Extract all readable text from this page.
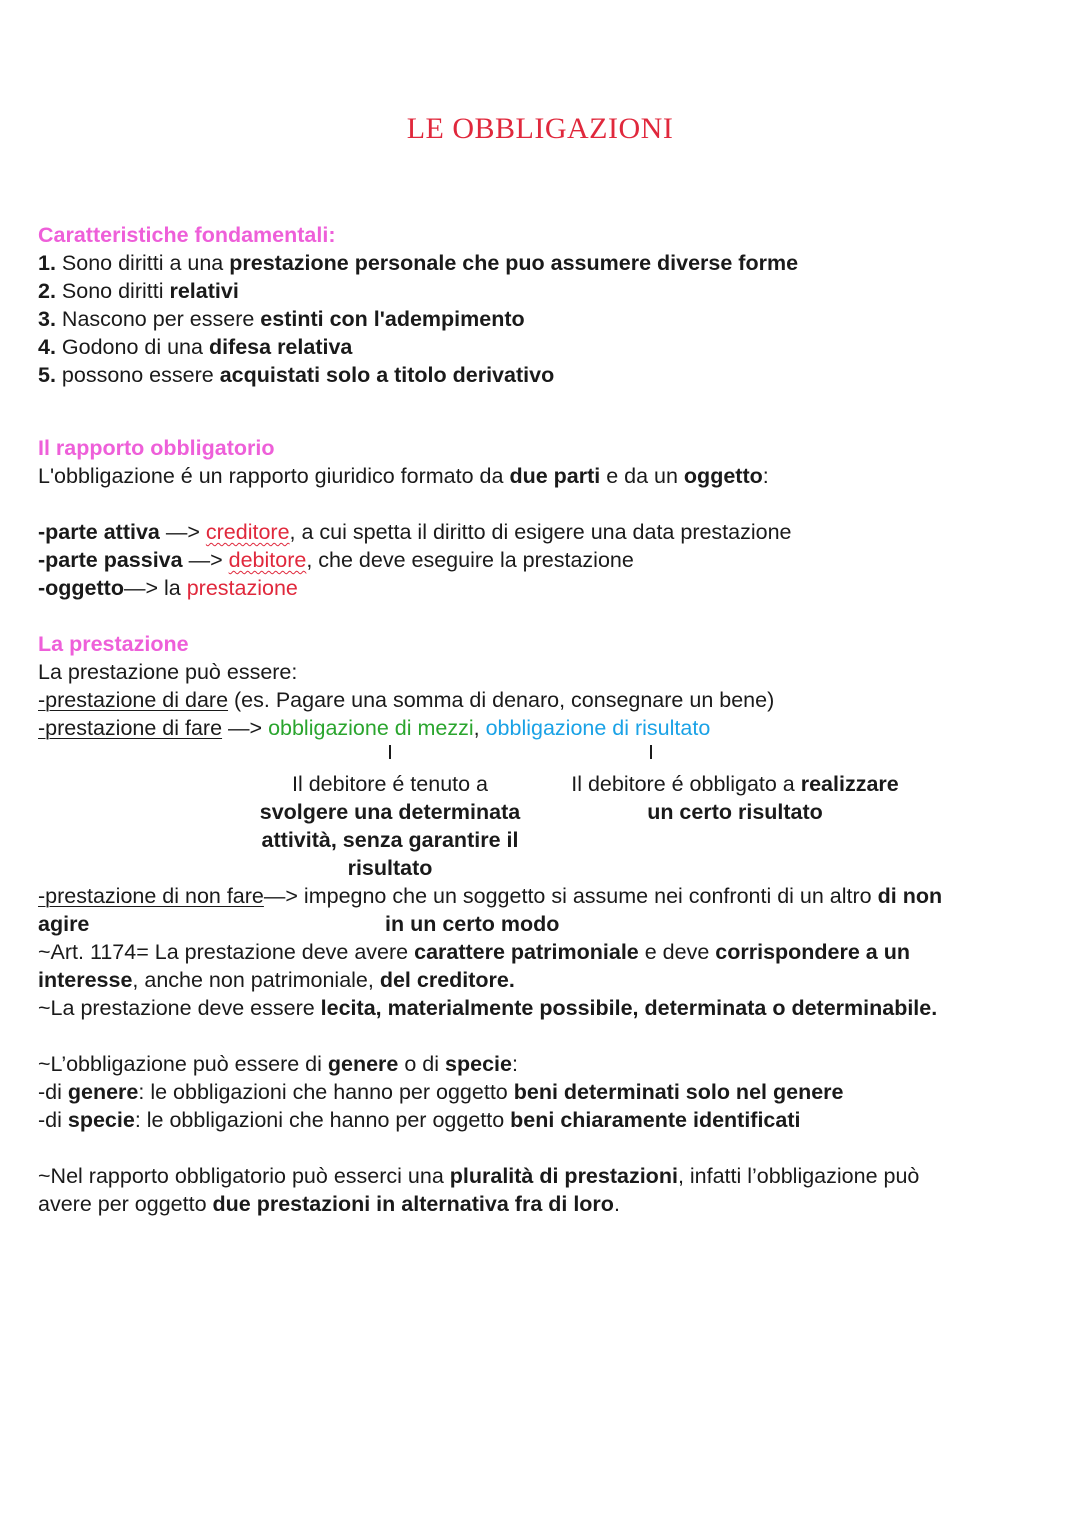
LE OBBLIGAZIONI

Caratteristiche fondamentali:

1. Sono diritti a una prestazione personale che puo assumere diverse forme

2. Sono diritti relativi

3. Nascono per essere estinti con l'adempimento

4. Godono di una difesa relativa

5. possono essere acquistati solo a titolo derivativo

Il rapporto obbligatorio

L'obbligazione é un rapporto giuridico formato da due parti e da un oggetto:

-parte attiva —> creditore, a cui spetta il diritto di esigere una data prestazione

-parte passiva —> debitore, che deve eseguire la prestazione

-oggetto—> la prestazione

La prestazione

La prestazione può essere:

-prestazione di dare (es. Pagare una somma di denaro, consegnare un bene)

-prestazione di fare —> obbligazione di mezzi, obbligazione di risultato

Il debitore é tenuto a
svolgere una determinata
attività, senza garantire il
risultato
Il debitore é obbligato a realizzare
un certo risultato

-prestazione di non fare—> impegno che un soggetto si assume nei confronti di un altro di non

agire	in un certo modo

~Art. 1174= La prestazione deve avere carattere patrimoniale e deve corrispondere a un

interesse, anche non patrimoniale, del creditore.

~La prestazione deve essere lecita, materialmente possibile, determinata o determinabile.

~L’obbligazione può essere di genere o di specie:

-di genere: le obbligazioni che hanno per oggetto beni determinati solo nel genere

-di specie: le obbligazioni che hanno per oggetto beni chiaramente identificati

~Nel rapporto obbligatorio può esserci una pluralità di prestazioni, infatti l’obbligazione può

avere per oggetto due prestazioni in alternativa fra di loro.
